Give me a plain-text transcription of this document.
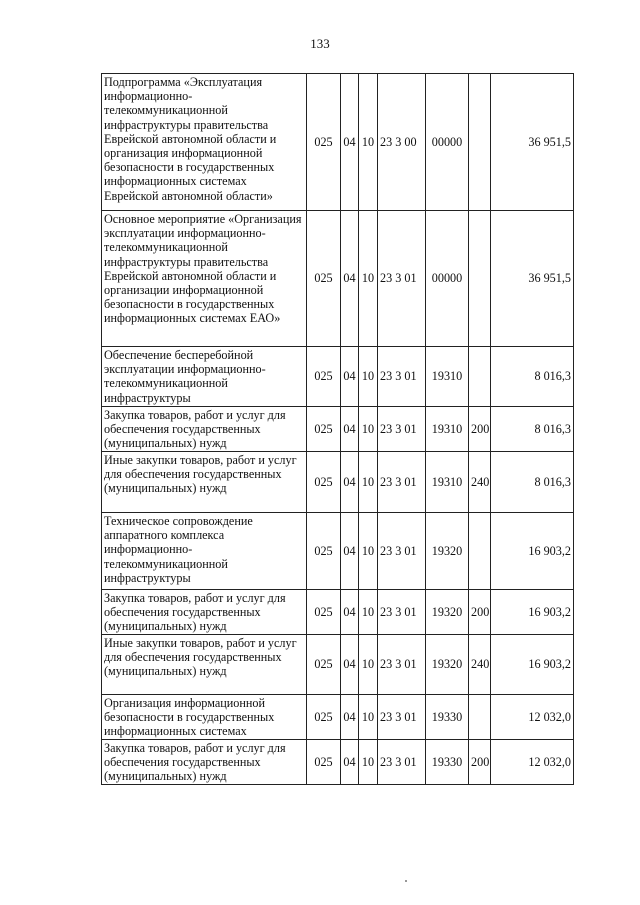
133
Подпрограмма «Эксплуатация информационно-телекоммуникационной инфраструктуры правительства Еврейской автономной области и организация информационной безопасности в государственных информационных системах Еврейской автономной области»	025	04	10	23 3 00	00000		36 951,5
Основное мероприятие «Организация эксплуатации информационно-телекоммуникационной инфраструктуры правительства Еврейской автономной области и организации информационной безопасности в государственных информационных системах ЕАО»	025	04	10	23 3 01	00000		36 951,5
Обеспечение бесперебойной эксплуатации информационно-телекоммуникационной инфраструктуры	025	04	10	23 3 01	19310		8 016,3
Закупка товаров, работ и услуг для обеспечения государственных (муниципальных) нужд	025	04	10	23 3 01	19310	200	8 016,3
Иные закупки товаров, работ и услуг для обеспечения государственных (муниципальных) нужд	025	04	10	23 3 01	19310	240	8 016,3
Техническое сопровождение аппаратного комплекса информационно-телекоммуникационной инфраструктуры	025	04	10	23 3 01	19320		16 903,2
Закупка товаров, работ и услуг для обеспечения государственных (муниципальных) нужд	025	04	10	23 3 01	19320	200	16 903,2
Иные закупки товаров, работ и услуг для обеспечения государственных (муниципальных) нужд	025	04	10	23 3 01	19320	240	16 903,2
Организация информационной безопасности в государственных информационных системах	025	04	10	23 3 01	19330		12 032,0
Закупка товаров, работ и услуг для обеспечения государственных (муниципальных) нужд	025	04	10	23 3 01	19330	200	12 032,0
